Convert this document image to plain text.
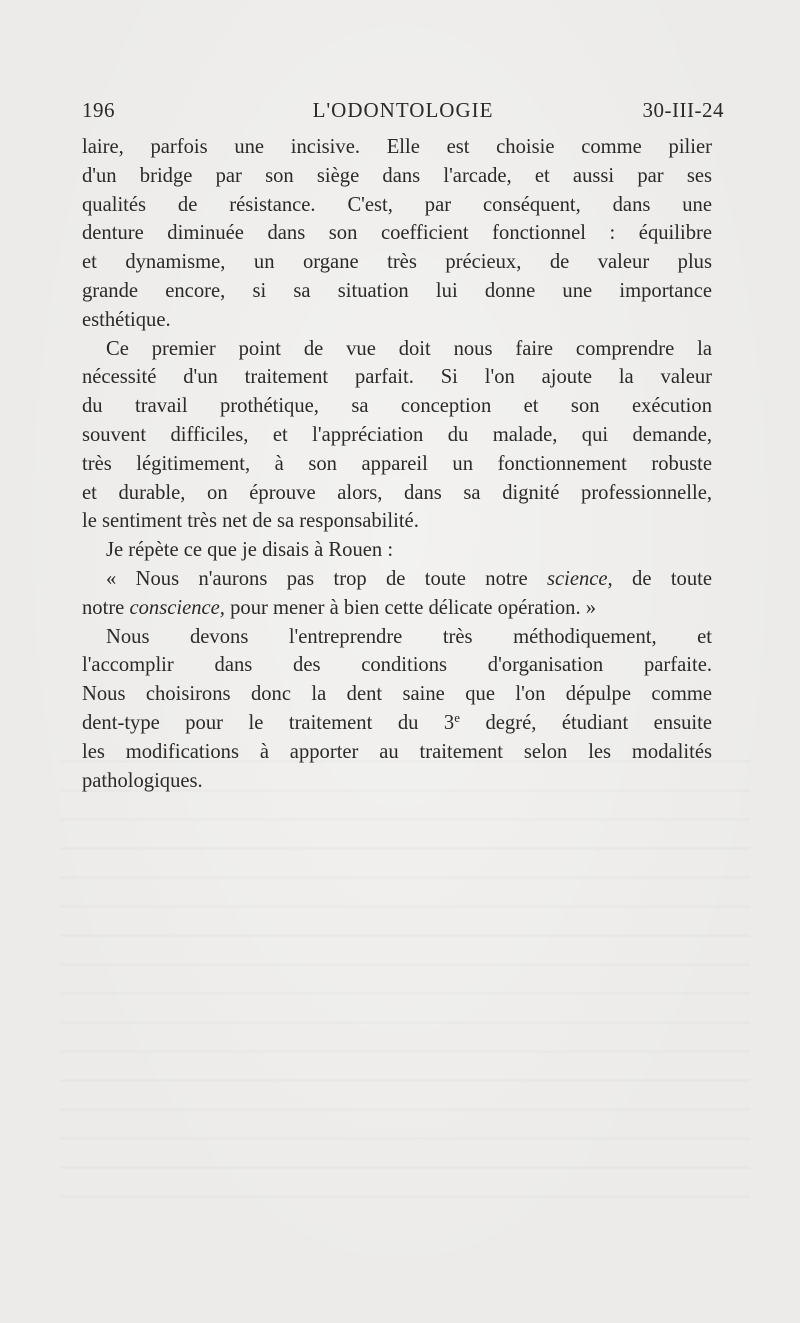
196	L'ODONTOLOGIE	30-III-24
laire, parfois une incisive. Elle est choisie comme pilier
d'un bridge par son siège dans l'arcade, et aussi par ses
qualités de résistance. C'est, par conséquent, dans une
denture diminuée dans son coefficient fonctionnel : équilibre
et dynamisme, un organe très précieux, de valeur plus
grande encore, si sa situation lui donne une importance
esthétique.
Ce premier point de vue doit nous faire comprendre la
nécessité d'un traitement parfait. Si l'on ajoute la valeur
du travail prothétique, sa conception et son exécution
souvent difficiles, et l'appréciation du malade, qui demande,
très légitimement, à son appareil un fonctionnement robuste
et durable, on éprouve alors, dans sa dignité professionnelle,
le sentiment très net de sa responsabilité.
Je répète ce que je disais à Rouen :
« Nous n'aurons pas trop de toute notre science, de toute
notre conscience, pour mener à bien cette délicate opération. »
Nous devons l'entreprendre très méthodiquement, et
l'accomplir dans des conditions d'organisation parfaite.
Nous choisirons donc la dent saine que l'on dépulpe comme
dent-type pour le traitement du 3e degré, étudiant ensuite
les modifications à apporter au traitement selon les modalités
pathologiques.
